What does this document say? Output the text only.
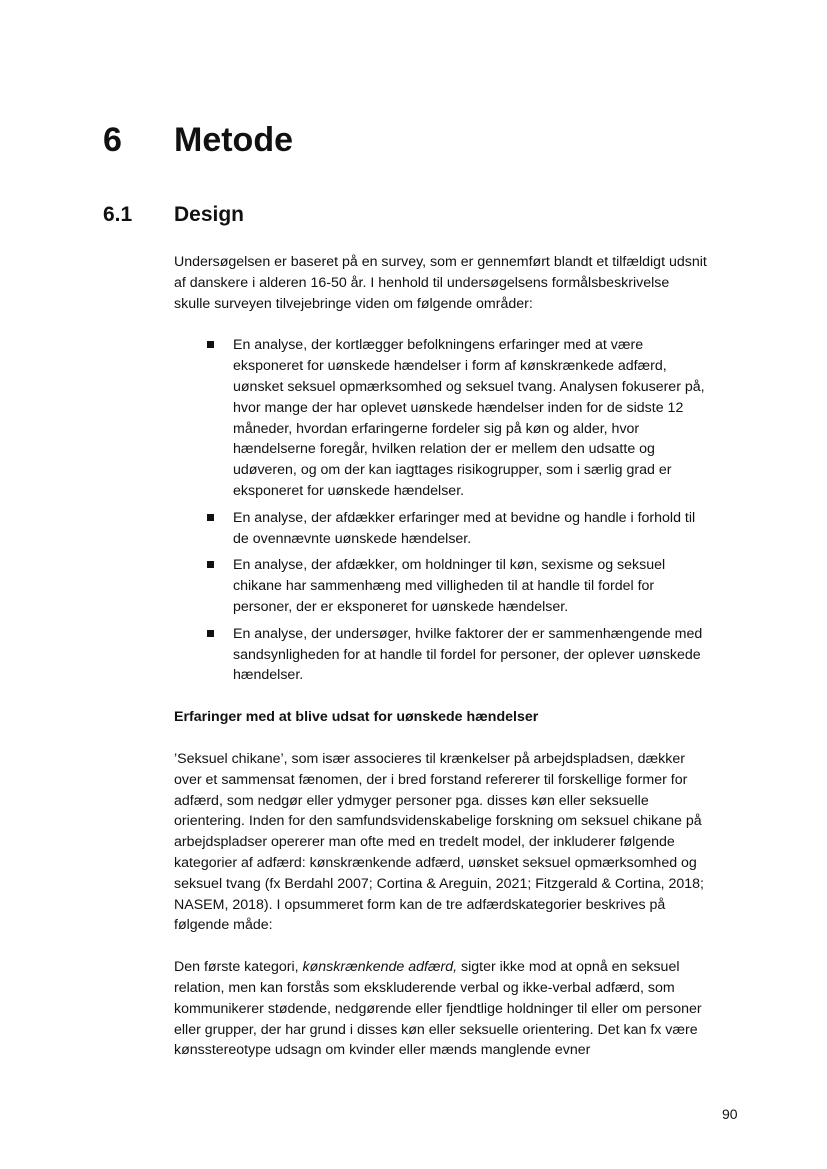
6 Metode
6.1 Design

Undersøgelsen er baseret på en survey, som er gennemført blandt et tilfældigt udsnit af danskere i alderen 16-50 år. I henhold til undersøgelsens formålsbeskrivelse skulle surveyen tilvejebringe viden om følgende områder:

En analyse, der kortlægger befolkningens erfaringer med at være eksponeret for uønskede hændelser i form af kønskrænkede adfærd, uønsket seksuel opmærksomhed og seksuel tvang. Analysen fokuserer på, hvor mange der har oplevet uønskede hændelser inden for de sidste 12 måneder, hvordan erfaringerne fordeler sig på køn og alder, hvor hændelserne foregår, hvilken relation der er mellem den udsatte og udøveren, og om der kan iagttages risikogrupper, som i særlig grad er eksponeret for uønskede hændelser.
En analyse, der afdækker erfaringer med at bevidne og handle i forhold til de ovennævnte uønskede hændelser.
En analyse, der afdækker, om holdninger til køn, sexisme og seksuel chikane har sammenhæng med villigheden til at handle til fordel for personer, der er eksponeret for uønskede hændelser.
En analyse, der undersøger, hvilke faktorer der er sammenhængende med sandsynligheden for at handle til fordel for personer, der oplever uønskede hændelser.

Erfaringer med at blive udsat for uønskede hændelser

’Seksuel chikane’, som især associeres til krænkelser på arbejdspladsen, dækker over et sammensat fænomen, der i bred forstand refererer til forskellige former for adfærd, som nedgør eller ydmyger personer pga. disses køn eller seksuelle orientering. Inden for den samfundsvidenskabelige forskning om seksuel chikane på arbejdspladser opererer man ofte med en tredelt model, der inkluderer følgende kategorier af adfærd: kønskrænkende adfærd, uønsket seksuel opmærksomhed og seksuel tvang (fx Berdahl 2007; Cortina & Areguin, 2021; Fitzgerald & Cortina, 2018; NASEM, 2018). I opsummeret form kan de tre adfærdskategorier beskrives på følgende måde:

Den første kategori, kønskrænkende adfærd, sigter ikke mod at opnå en seksuel relation, men kan forstås som ekskluderende verbal og ikke-verbal adfærd, som kommunikerer stødende, nedgørende eller fjendtlige holdninger til eller om personer eller grupper, der har grund i disses køn eller seksuelle orientering. Det kan fx være kønsstereotype udsagn om kvinder eller mænds manglende evner

90
